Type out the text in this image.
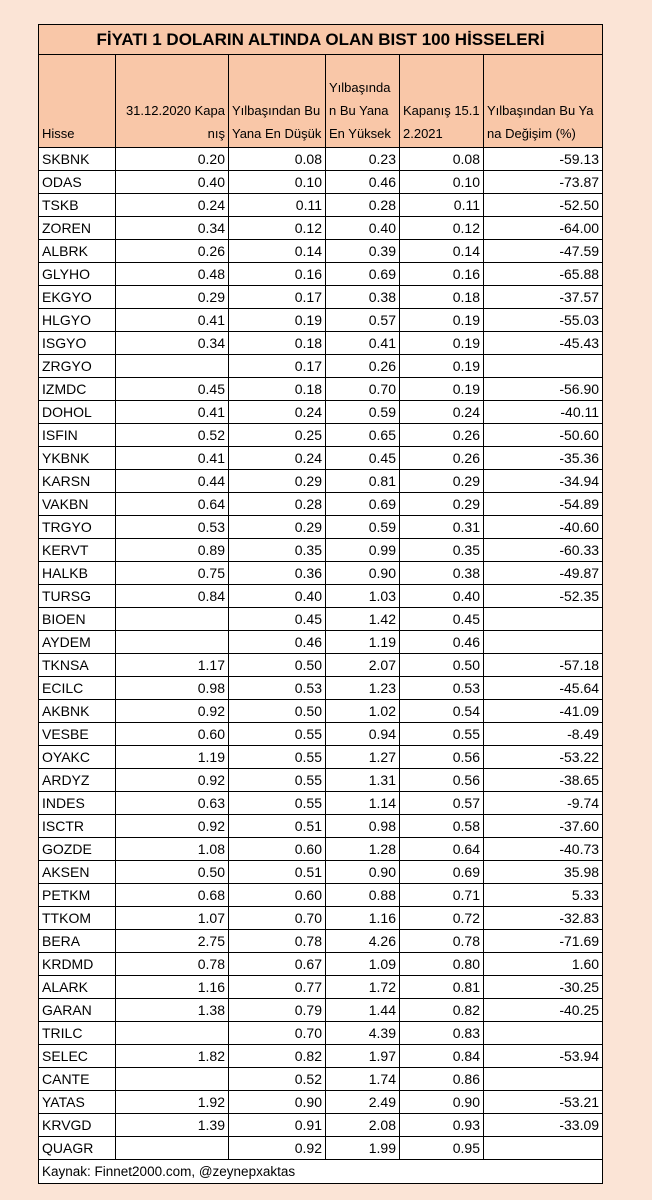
FİYATI 1 DOLARIN ALTINDA OLAN BIST 100 HİSSELERİ					
Hisse	31.12.2020 Kapanış	Yılbaşından Bu Yana En Düşük	Yılbaşından Bu Yana En Yüksek	Kapanış 15.12.2021	Yılbaşından Bu Yana Değişim (%)
SKBNK	0.20	0.08	0.23	0.08	-59.13
ODAS	0.40	0.10	0.46	0.10	-73.87
TSKB	0.24	0.11	0.28	0.11	-52.50
ZOREN	0.34	0.12	0.40	0.12	-64.00
ALBRK	0.26	0.14	0.39	0.14	-47.59
GLYHO	0.48	0.16	0.69	0.16	-65.88
EKGYO	0.29	0.17	0.38	0.18	-37.57
HLGYO	0.41	0.19	0.57	0.19	-55.03
ISGYO	0.34	0.18	0.41	0.19	-45.43
ZRGYO		0.17	0.26	0.19	
IZMDC	0.45	0.18	0.70	0.19	-56.90
DOHOL	0.41	0.24	0.59	0.24	-40.11
ISFIN	0.52	0.25	0.65	0.26	-50.60
YKBNK	0.41	0.24	0.45	0.26	-35.36
KARSN	0.44	0.29	0.81	0.29	-34.94
VAKBN	0.64	0.28	0.69	0.29	-54.89
TRGYO	0.53	0.29	0.59	0.31	-40.60
KERVT	0.89	0.35	0.99	0.35	-60.33
HALKB	0.75	0.36	0.90	0.38	-49.87
TURSG	0.84	0.40	1.03	0.40	-52.35
BIOEN		0.45	1.42	0.45	
AYDEM		0.46	1.19	0.46	
TKNSA	1.17	0.50	2.07	0.50	-57.18
ECILC	0.98	0.53	1.23	0.53	-45.64
AKBNK	0.92	0.50	1.02	0.54	-41.09
VESBE	0.60	0.55	0.94	0.55	-8.49
OYAKC	1.19	0.55	1.27	0.56	-53.22
ARDYZ	0.92	0.55	1.31	0.56	-38.65
INDES	0.63	0.55	1.14	0.57	-9.74
ISCTR	0.92	0.51	0.98	0.58	-37.60
GOZDE	1.08	0.60	1.28	0.64	-40.73
AKSEN	0.50	0.51	0.90	0.69	35.98
PETKM	0.68	0.60	0.88	0.71	5.33
TTKOM	1.07	0.70	1.16	0.72	-32.83
BERA	2.75	0.78	4.26	0.78	-71.69
KRDMD	0.78	0.67	1.09	0.80	1.60
ALARK	1.16	0.77	1.72	0.81	-30.25
GARAN	1.38	0.79	1.44	0.82	-40.25
TRILC		0.70	4.39	0.83	
SELEC	1.82	0.82	1.97	0.84	-53.94
CANTE		0.52	1.74	0.86	
YATAS	1.92	0.90	2.49	0.90	-53.21
KRVGD	1.39	0.91	2.08	0.93	-33.09
QUAGR		0.92	1.99	0.95	
Kaynak: Finnet2000.com, @zeynepxaktas					
